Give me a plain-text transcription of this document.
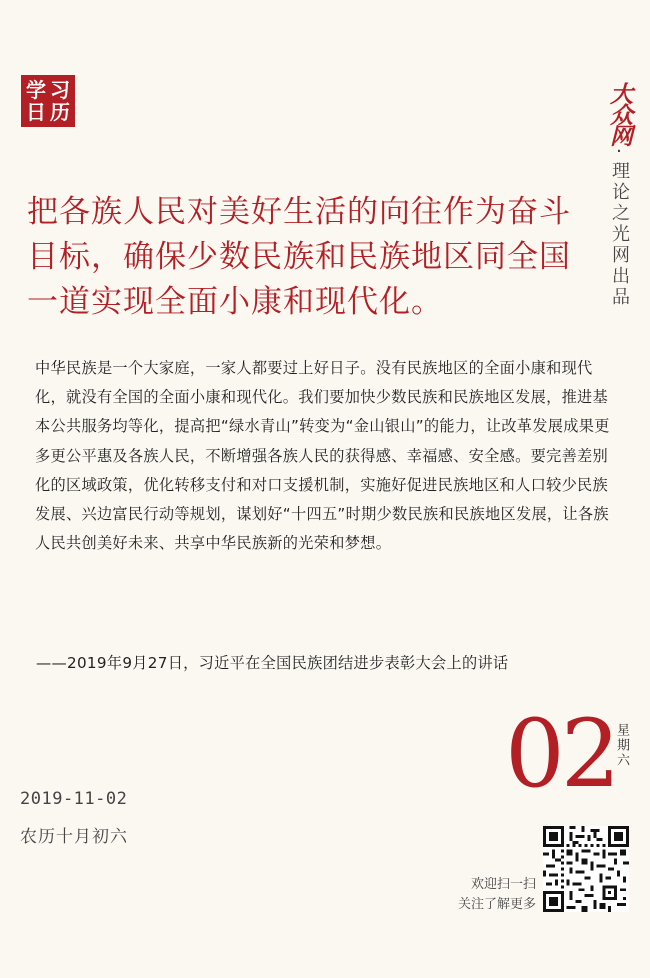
学 习
日 历	大众网
·
理论之光网出品
把各族人民对美好生活的向往作为奋斗目标，确保少数民族和民族地区同全国一道实现全面小康和现代化。

中华民族是一个大家庭，一家人都要过上好日子。没有民族地区的全面小康和现代化，就没有全国的全面小康和现代化。我们要加快少数民族和民族地区发展，推进基本公共服务均等化，提高把“绿水青山”转变为“金山银山”的能力，让改革发展成果更多更公平惠及各族人民，不断增强各族人民的获得感、幸福感、安全感。要完善差别化的区域政策，优化转移支付和对口支援机制，实施好促进民族地区和人口较少民族发展、兴边富民行动等规划，谋划好“十四五”时期少数民族和民族地区发展，让各族人民共创美好未来、共享中华民族新的光荣和梦想。

——2019年9月27日，习近平在全国民族团结进步表彰大会上的讲话

02
星期六
2019-11-02
农历十月初六
欢迎扫一扫
关注了解更多
